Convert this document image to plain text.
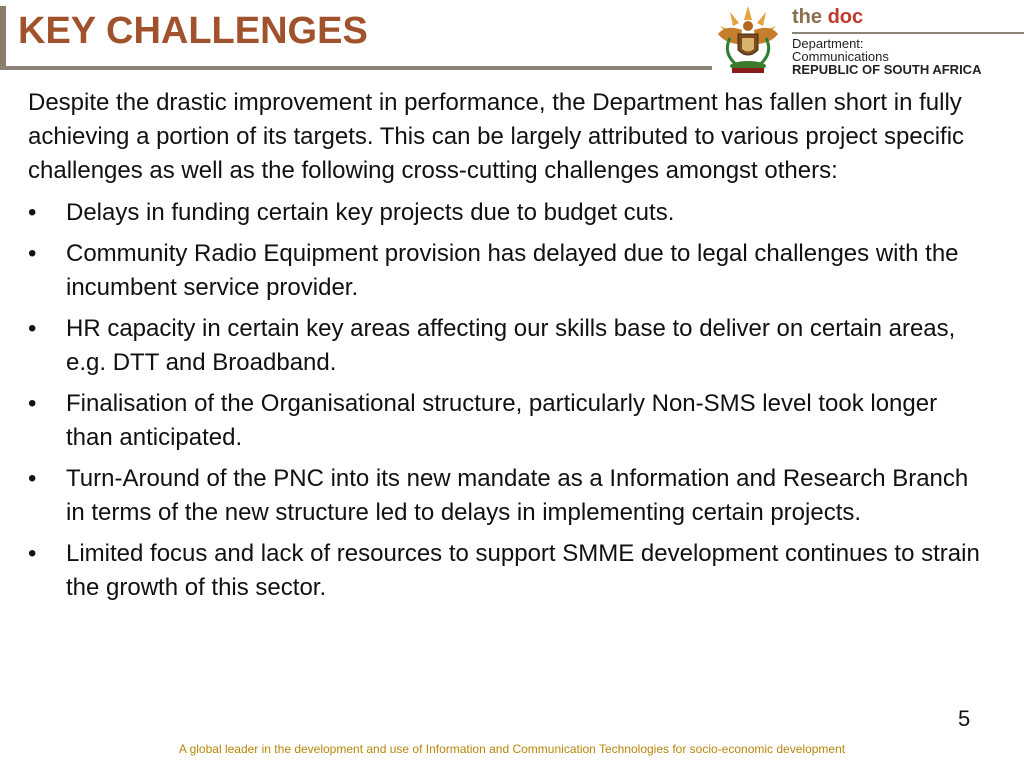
KEY CHALLENGES	the doc
Department:
Communications
REPUBLIC OF SOUTH AFRICA

Despite the drastic improvement in performance, the Department has fallen short in fully achieving a portion of its targets. This can be largely attributed to various project specific challenges as well as the following cross-cutting challenges amongst others:

•	Delays in funding certain key projects due to budget cuts.
•	Community Radio Equipment provision has delayed due to legal challenges with the incumbent service provider.
•	HR capacity in certain key areas affecting our skills base to deliver on certain areas, e.g. DTT and Broadband.
•	Finalisation of the Organisational structure, particularly Non-SMS level took longer than anticipated.
•	Turn-Around of the PNC into its new mandate as a Information and Research Branch in terms of the new structure led to delays in implementing certain projects.
•	Limited focus and lack of resources to support SMME development continues to strain the growth of this sector.
5
A global leader in the development and use of Information and Communication Technologies for socio-economic development
